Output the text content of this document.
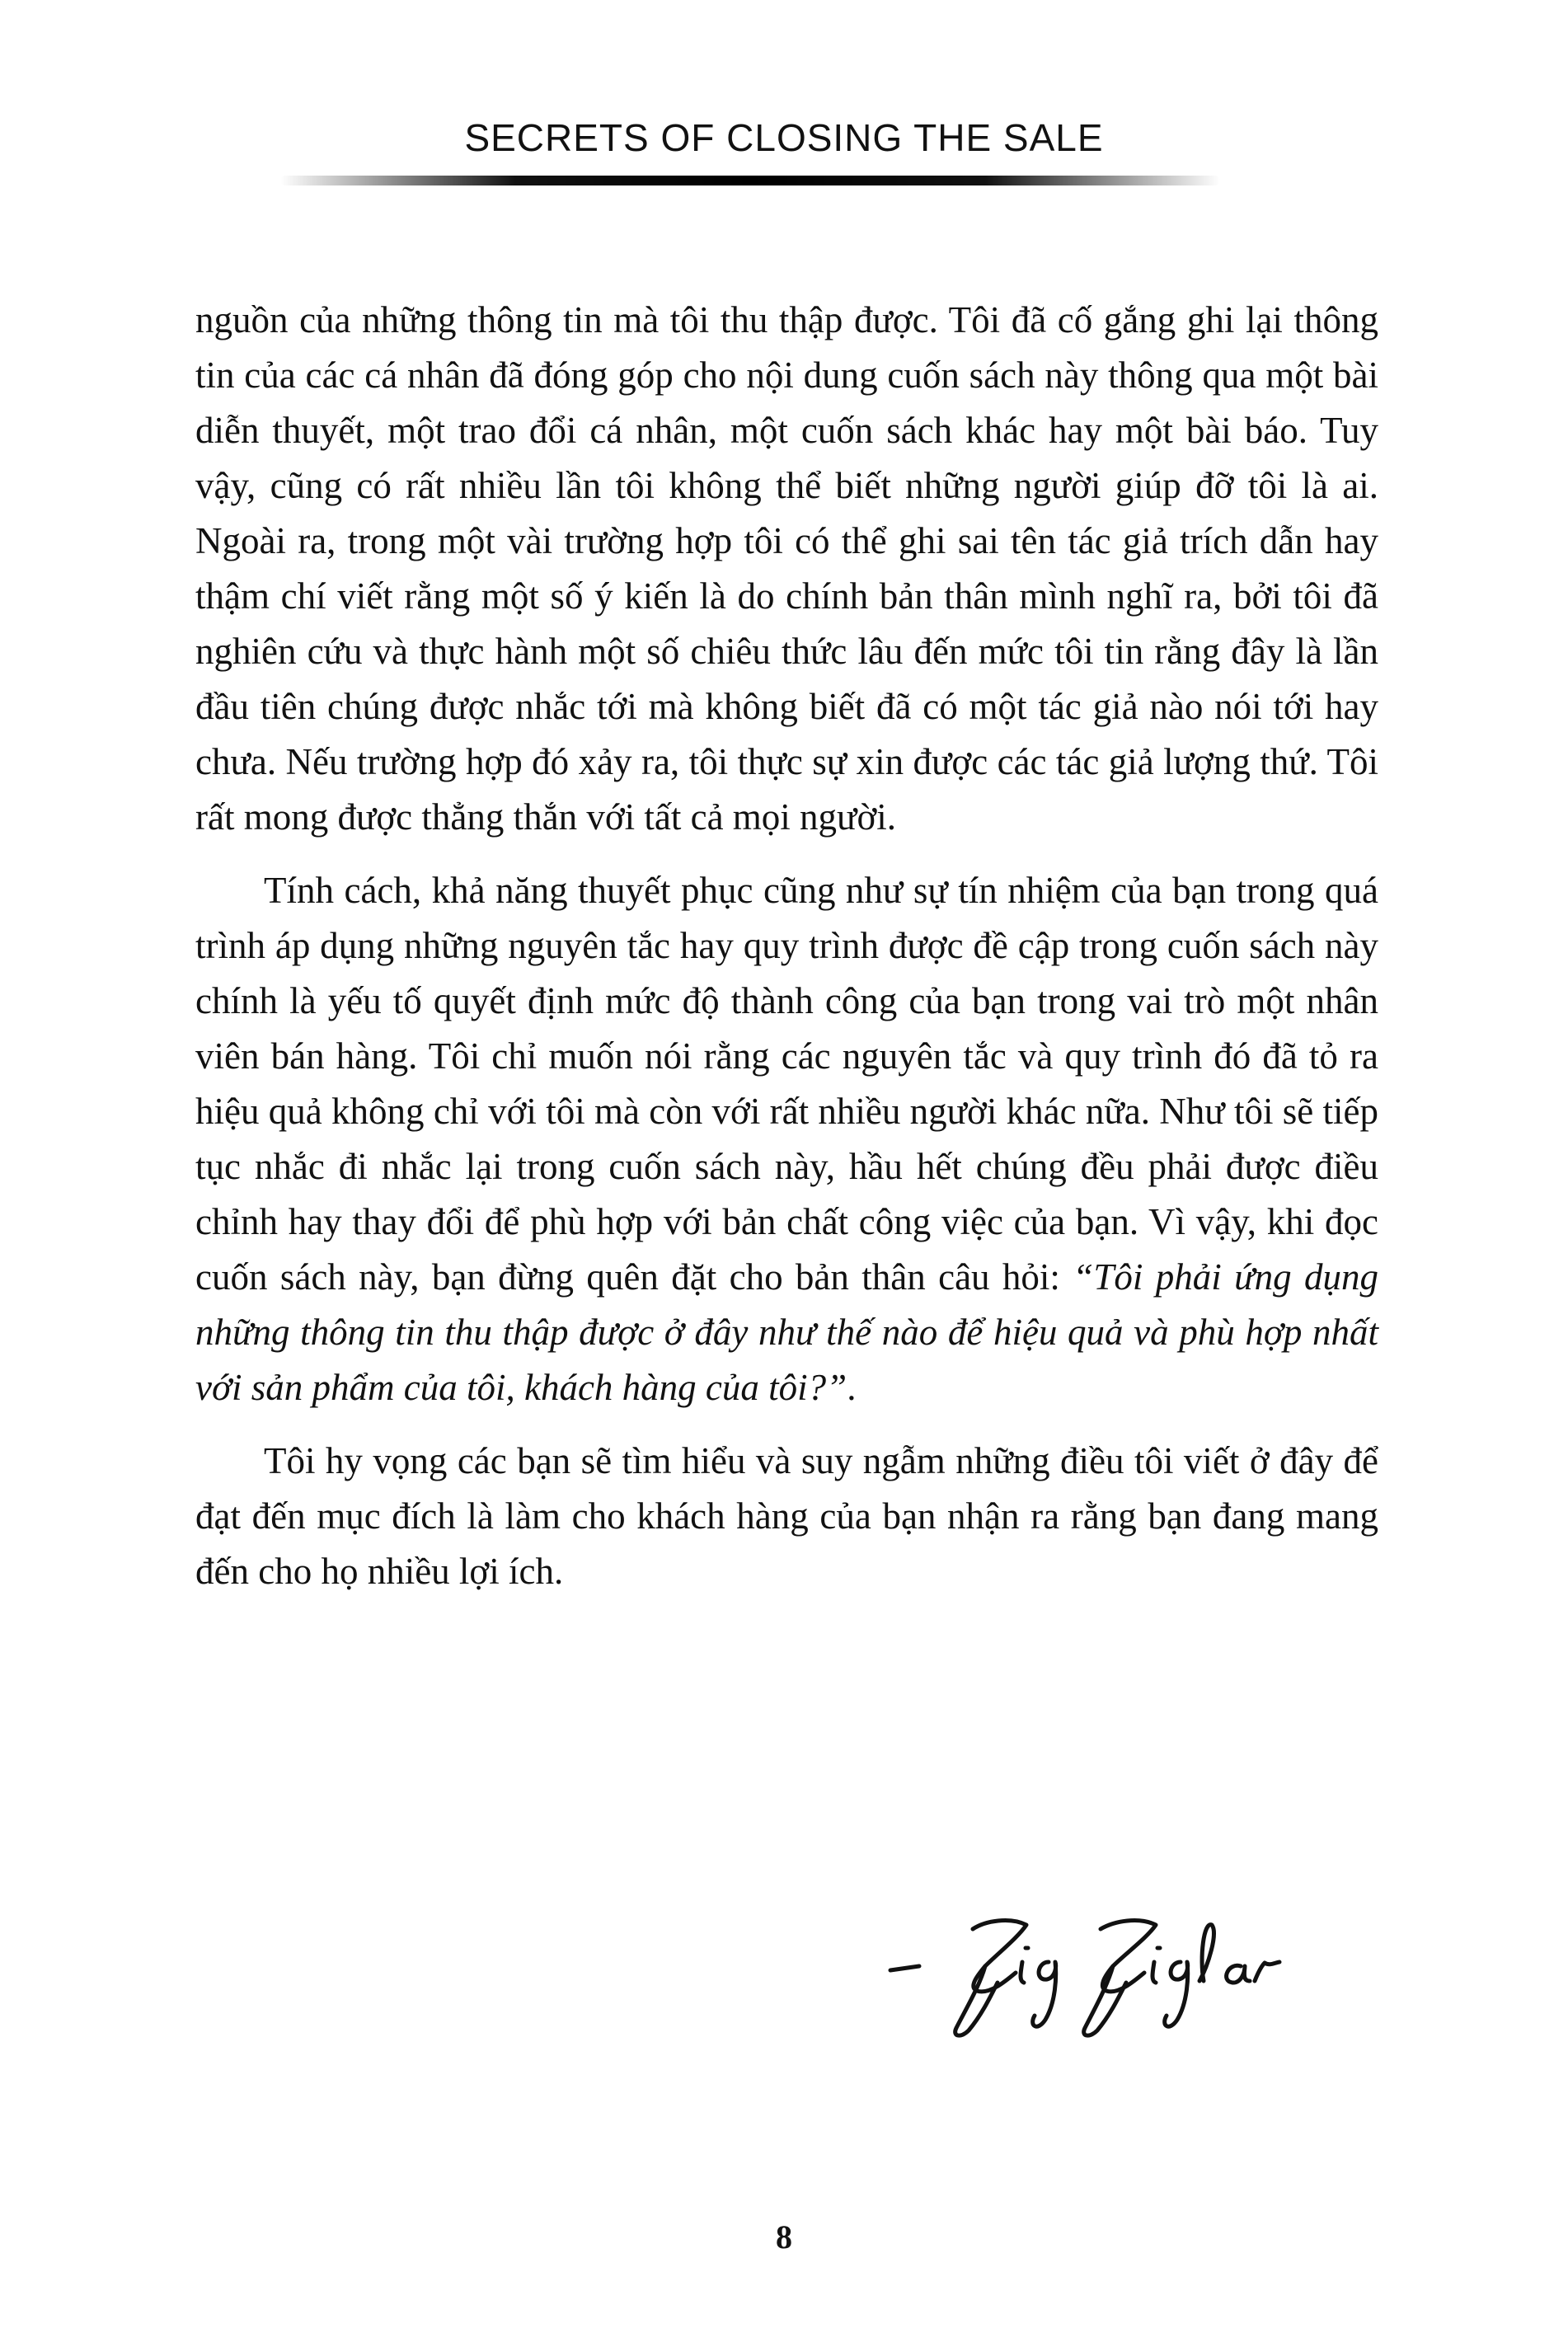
SECRETS OF CLOSING THE SALE

nguồn của những thông tin mà tôi thu thập được. Tôi đã cố gắng ghi lại thông tin của các cá nhân đã đóng góp cho nội dung cuốn sách này thông qua một bài diễn thuyết, một trao đổi cá nhân, một cuốn sách khác hay một bài báo. Tuy vậy, cũng có rất nhiều lần tôi không thể biết những người giúp đỡ tôi là ai. Ngoài ra, trong một vài trường hợp tôi có thể ghi sai tên tác giả trích dẫn hay thậm chí viết rằng một số ý kiến là do chính bản thân mình nghĩ ra, bởi tôi đã nghiên cứu và thực hành một số chiêu thức lâu đến mức tôi tin rằng đây là lần đầu tiên chúng được nhắc tới mà không biết đã có một tác giả nào nói tới hay chưa. Nếu trường hợp đó xảy ra, tôi thực sự xin được các tác giả lượng thứ. Tôi rất mong được thẳng thắn với tất cả mọi người.

Tính cách, khả năng thuyết phục cũng như sự tín nhiệm của bạn trong quá trình áp dụng những nguyên tắc hay quy trình được đề cập trong cuốn sách này chính là yếu tố quyết định mức độ thành công của bạn trong vai trò một nhân viên bán hàng. Tôi chỉ muốn nói rằng các nguyên tắc và quy trình đó đã tỏ ra hiệu quả không chỉ với tôi mà còn với rất nhiều người khác nữa. Như tôi sẽ tiếp tục nhắc đi nhắc lại trong cuốn sách này, hầu hết chúng đều phải được điều chỉnh hay thay đổi để phù hợp với bản chất công việc của bạn. Vì vậy, khi đọc cuốn sách này, bạn đừng quên đặt cho bản thân câu hỏi: “Tôi phải ứng dụng những thông tin thu thập được ở đây như thế nào để hiệu quả và phù hợp nhất với sản phẩm của tôi, khách hàng của tôi?”.

Tôi hy vọng các bạn sẽ tìm hiểu và suy ngẫm những điều tôi viết ở đây để đạt đến mục đích là làm cho khách hàng của bạn nhận ra rằng bạn đang mang đến cho họ nhiều lợi ích.

8
